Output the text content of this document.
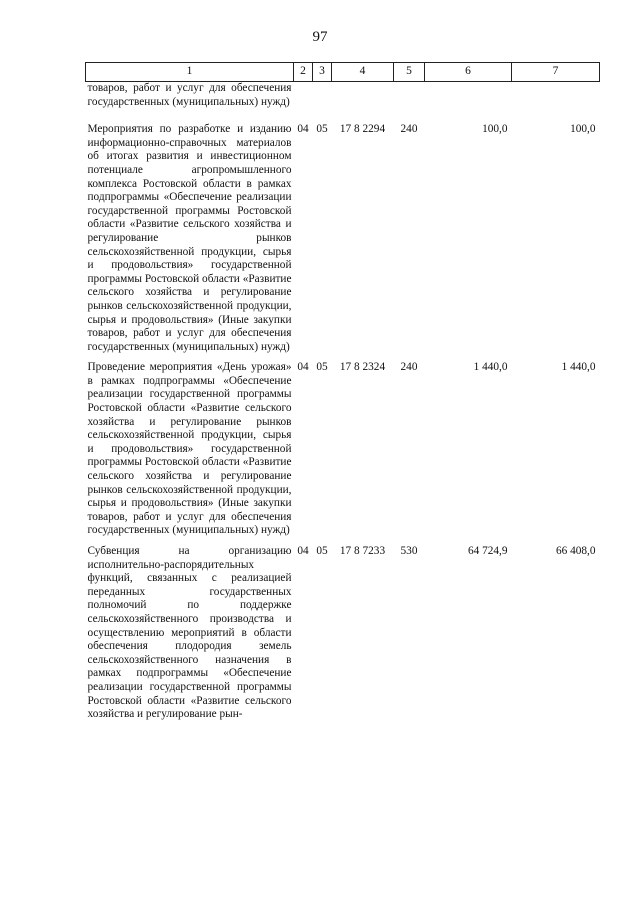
97
1	2	3	4	5	6	7
товаров, работ и услуг для обеспечения государственных (муниципальных) нужд)						
Мероприятия по разработке и изданию информационно-справочных материалов об итогах развития и инвестиционном потенциале агропромышленного комплекса Ростовской области в рамках подпрограммы «Обеспечение реализации государственной программы Ростовской области «Развитие сельского хозяйства и регулирование рынков сельскохозяйственной продукции, сырья и продовольствия» государственной программы Ростовской области «Развитие сельского хозяйства и регулирование рынков сельскохозяйственной продукции, сырья и продовольствия» (Иные закупки товаров, работ и услуг для обеспечения государственных (муниципальных) нужд)	04	05	17 8 2294	240	100,0	100,0
Проведение мероприятия «День урожая» в рамках подпрограммы «Обеспечение реализации государственной программы Ростовской области «Развитие сельского хозяйства и регулирование рынков сельскохозяйственной продукции, сырья и продовольствия» государственной программы Ростовской области «Развитие сельского хозяйства и регулирование рынков сельскохозяйственной продукции, сырья и продовольствия» (Иные закупки товаров, работ и услуг для обеспечения государственных (муниципальных) нужд)	04	05	17 8 2324	240	1 440,0	1 440,0
Субвенция на организацию исполнительно-распорядительных функций, связанных с реализацией переданных государственных полномочий по поддержке сельскохозяйственного производства и осуществлению мероприятий в области обеспечения плодородия земель сельскохозяйственного назначения в рамках подпрограммы «Обеспечение реализации государственной программы Ростовской области «Развитие сельского хозяйства и регулирование рын-	04	05	17 8 7233	530	64 724,9	66 408,0
